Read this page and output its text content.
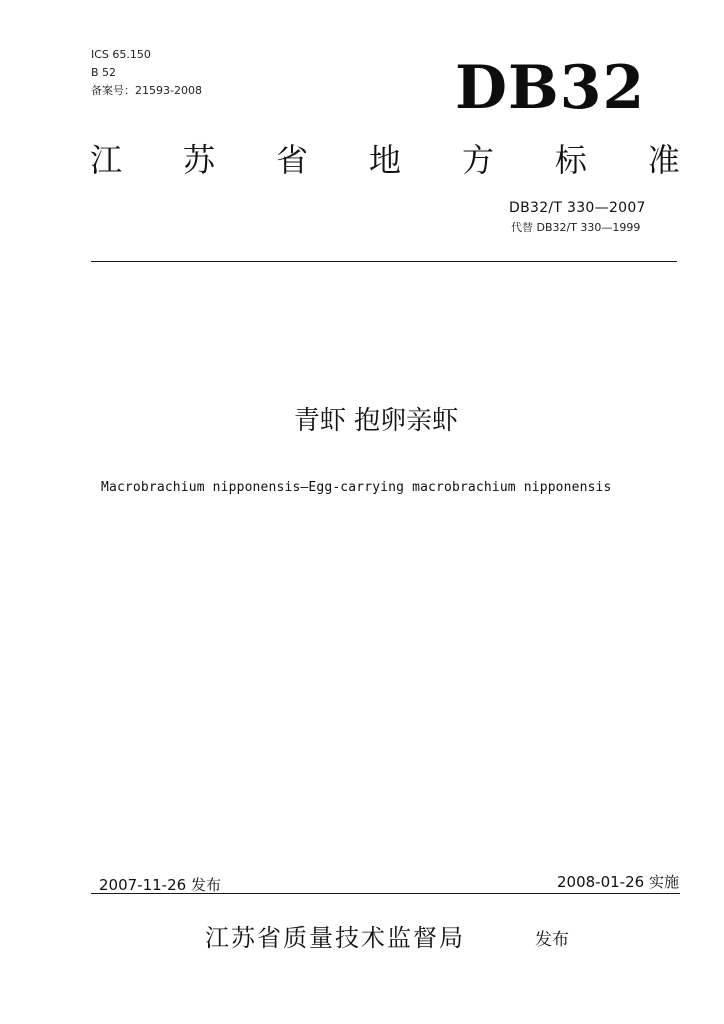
ICS 65.150
B 52
备案号：21593-2008	DB32
江 苏 省 地 方 标 准
DB32/T 330—2007
代替 DB32/T 330—1999
青虾 抱卵亲虾
Macrobrachium nipponensis—Egg-carrying macrobrachium nipponensis
2007-11-26 发布	2008-01-26 实施
江苏省质量技术监督局	发布
